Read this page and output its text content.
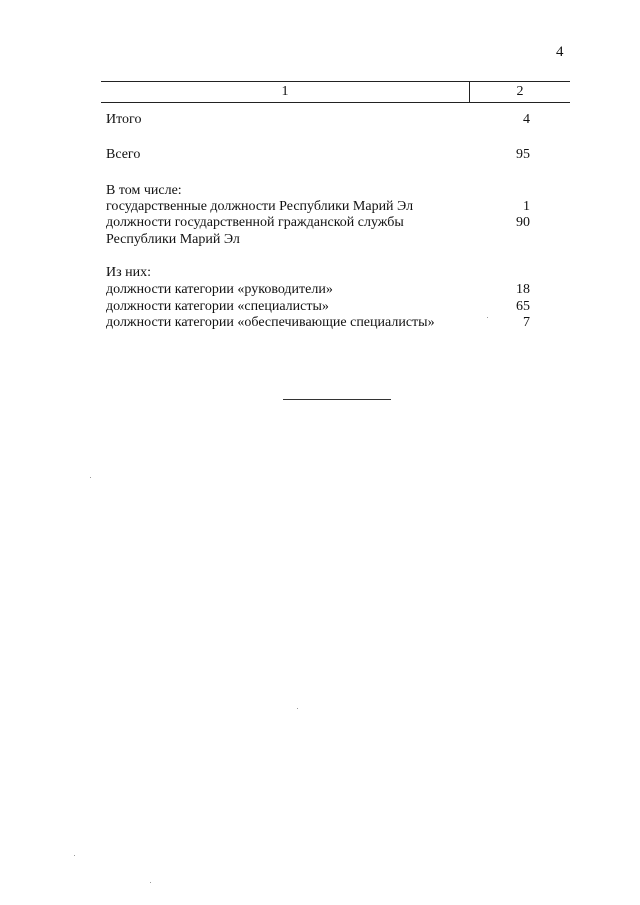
4
1	2
Итого	4
Всего	95
В том числе:
государственные должности Республики Марий Эл	1
должности государственной гражданской службы	90
Республики Марий Эл
Из них:
должности категории «руководители»	18
должности категории «специалисты»	65
должности категории «обеспечивающие специалисты»	7
